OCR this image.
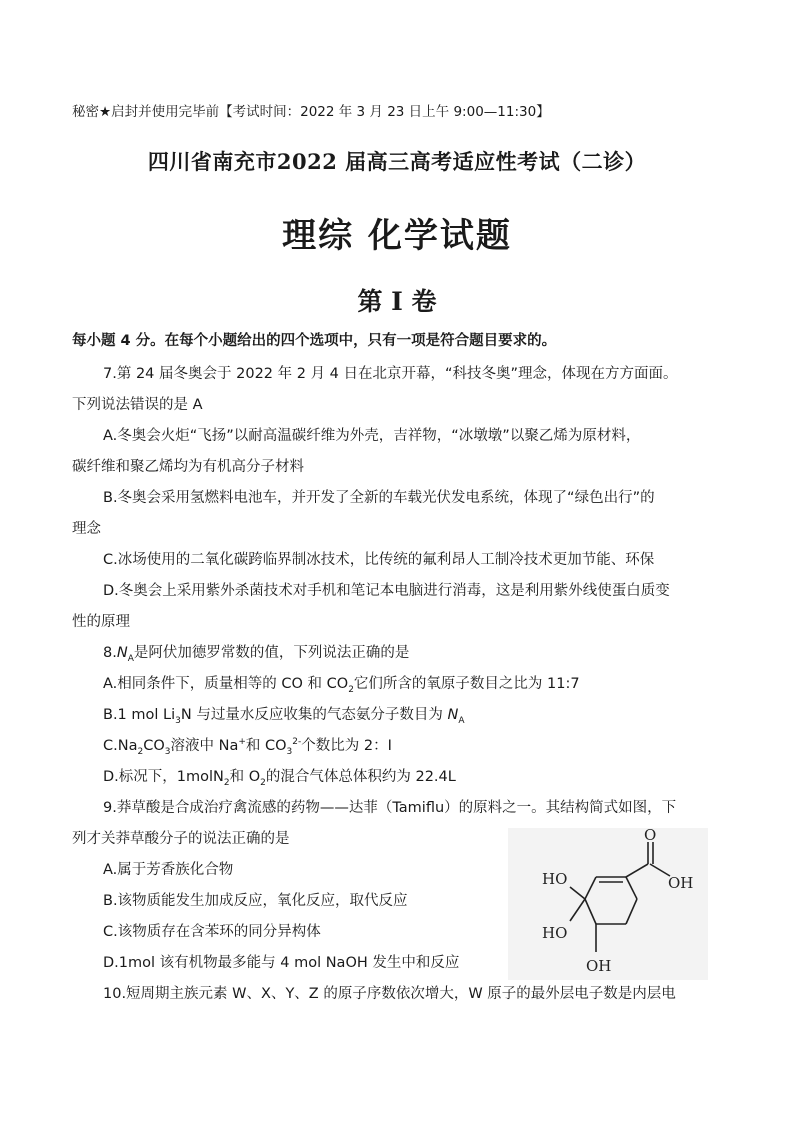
秘密★启封并使用完毕前【考试时间：2022 年 3 月 23 日上午 9:00—11:30】
四川省南充市2022 届高三高考适应性考试（二诊）
理综 化学试题
第 I 卷
每小题 4 分。在每个小题给出的四个选项中，只有一项是符合题目要求的。
7.第 24 届冬奥会于 2022 年 2 月 4 日在北京开幕，“科技冬奥”理念，体现在方方面面。
下列说法错误的是 A
A.冬奥会火炬“飞扬”以耐高温碳纤维为外壳，吉祥物，“冰墩墩”以聚乙烯为原材料，
碳纤维和聚乙烯均为有机高分子材料
B.冬奥会采用氢燃料电池车，并开发了全新的车载光伏发电系统，体现了“绿色出行”的
理念
C.冰场使用的二氧化碳跨临界制冰技术，比传统的氟利昂人工制冷技术更加节能、环保
D.冬奥会上采用紫外杀菌技术对手机和笔记本电脑进行消毒，这是利用紫外线使蛋白质变
性的原理
$8.N_A$是阿伏加德罗常数的值，下列说法正确的是
A.相同条件下，质量相等的 CO 和 $CO_2$它们所含的氧原子数目之比为 11:7
B.1 mol $Li_3N$ 与过量水反应收集的气态氨分子数目为 $N_A$
$C.Na_2CO_3$溶液中 Na+和 $CO_3^{2-}$个数比为 2：I
D.标况下，1molN$_2$和 $O_2$的混合气体总体积约为 22.4L
9.莽草酸是合成治疗禽流感的药物——达菲（Tamiflu）的原料之一。其结构简式如图，下
列才关莽草酸分子的说法正确的是
A.属于芳香族化合物
B.该物质能发生加成反应，氧化反应，取代反应
C.该物质存在含苯环的同分异构体
D.1mol 该有机物最多能与 4 mol NaOH 发生中和反应
O
OH
HO
HO
OH
10.短周期主族元素 W、X、Y、Z 的原子序数依次增大，W 原子的最外层电子数是内层电
